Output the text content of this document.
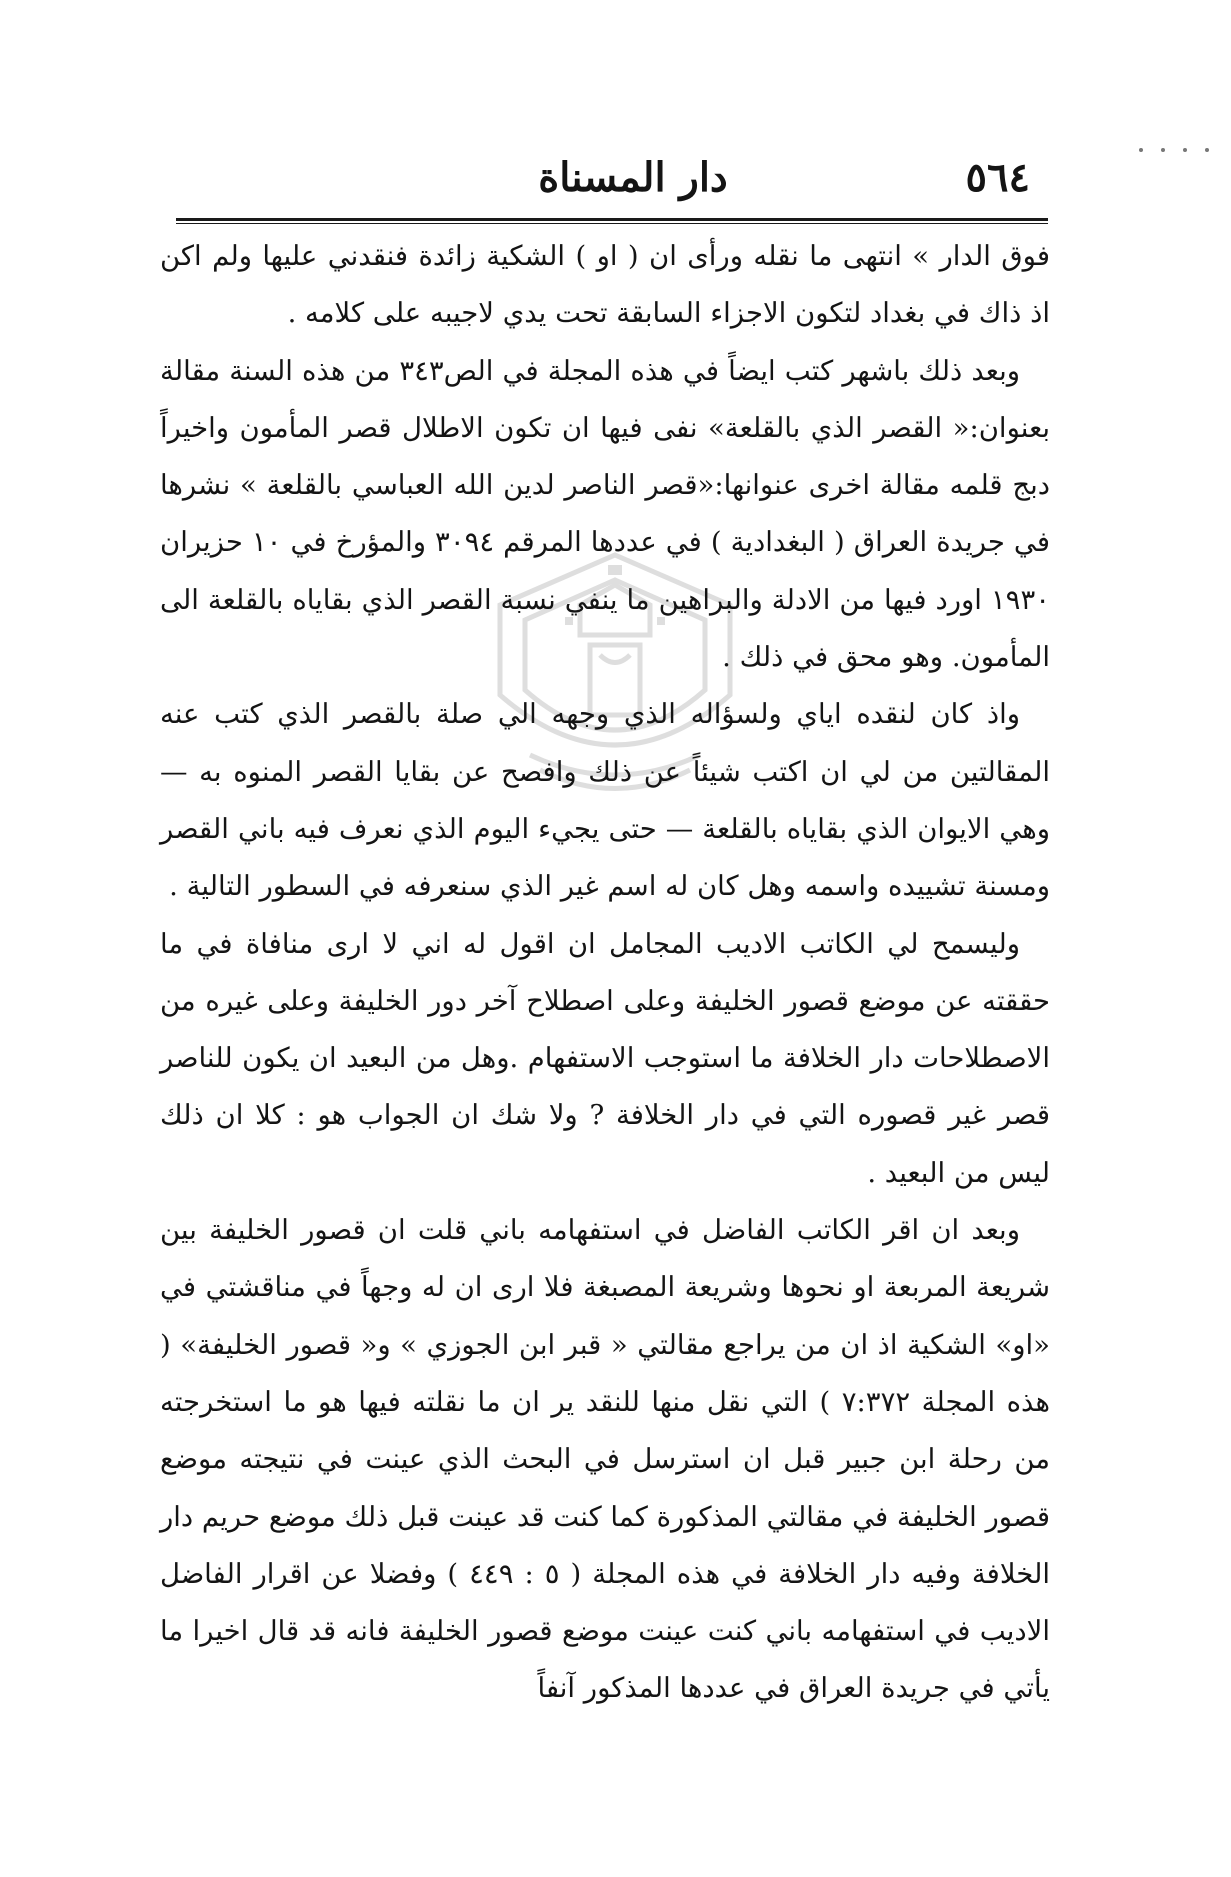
٥٦٤
دار المسناة

فوق الدار » انتهى ما نقله ورأى ان ( او ) الشكية زائدة فنقدني عليها ولم اكن اذ ذاك في بغداد لتكون الاجزاء السابقة تحت يدي لاجيبه على كلامه .

وبعد ذلك باشهر كتب ايضاً في هذه المجلة في الص٣٤٣ من هذه السنة مقالة بعنوان:« القصر الذي بالقلعة» نفى فيها ان تكون الاطلال قصر المأمون واخيراً دبج قلمه مقالة اخرى عنوانها:«قصر الناصر لدين الله العباسي بالقلعة » نشرها في جريدة العراق ( البغدادية ) في عددها المرقم ٣٠٩٤ والمؤرخ في ١٠ حزيران ١٩٣٠ اورد فيها من الادلة والبراهين ما ينفي نسبة القصر الذي بقاياه بالقلعة الى المأمون. وهو محق في ذلك .

واذ كان لنقده اياي ولسؤاله الذي وجهه الي صلة بالقصر الذي كتب عنه المقالتين من لي ان اكتب شيئاً عن ذلك وافصح عن بقايا القصر المنوه به — وهي الايوان الذي بقاياه بالقلعة — حتى يجيء اليوم الذي نعرف فيه باني القصر ومسنة تشييده واسمه وهل كان له اسم غير الذي سنعرفه في السطور التالية .

وليسمح لي الكاتب الاديب المجامل ان اقول له اني لا ارى منافاة في ما حققته عن موضع قصور الخليفة وعلى اصطلاح آخر دور الخليفة وعلى غيره من الاصطلاحات دار الخلافة ما استوجب الاستفهام .وهل من البعيد ان يكون للناصر قصر غير قصوره التي في دار الخلافة ? ولا شك ان الجواب هو : كلا ان ذلك ليس من البعيد .

وبعد ان اقر الكاتب الفاضل في استفهامه باني قلت ان قصور الخليفة بين شريعة المربعة او نحوها وشريعة المصبغة فلا ارى ان له وجهاً في مناقشتي في «او» الشكية اذ ان من يراجع مقالتي « قبر ابن الجوزي » و« قصور الخليفة» ( هذه المجلة ٧:٣٧٢ ) التي نقل منها للنقد ير ان ما نقلته فيها هو ما استخرجته من رحلة ابن جبير قبل ان استرسل في البحث الذي عينت في نتيجته موضع قصور الخليفة في مقالتي المذكورة كما كنت قد عينت قبل ذلك موضع حريم دار الخلافة وفيه دار الخلافة في هذه المجلة ( ٥ : ٤٤٩ ) وفضلا عن اقرار الفاضل الاديب في استفهامه باني كنت عينت موضع قصور الخليفة فانه قد قال اخيرا ما يأتي في جريدة العراق في عددها المذكور آنفاً
